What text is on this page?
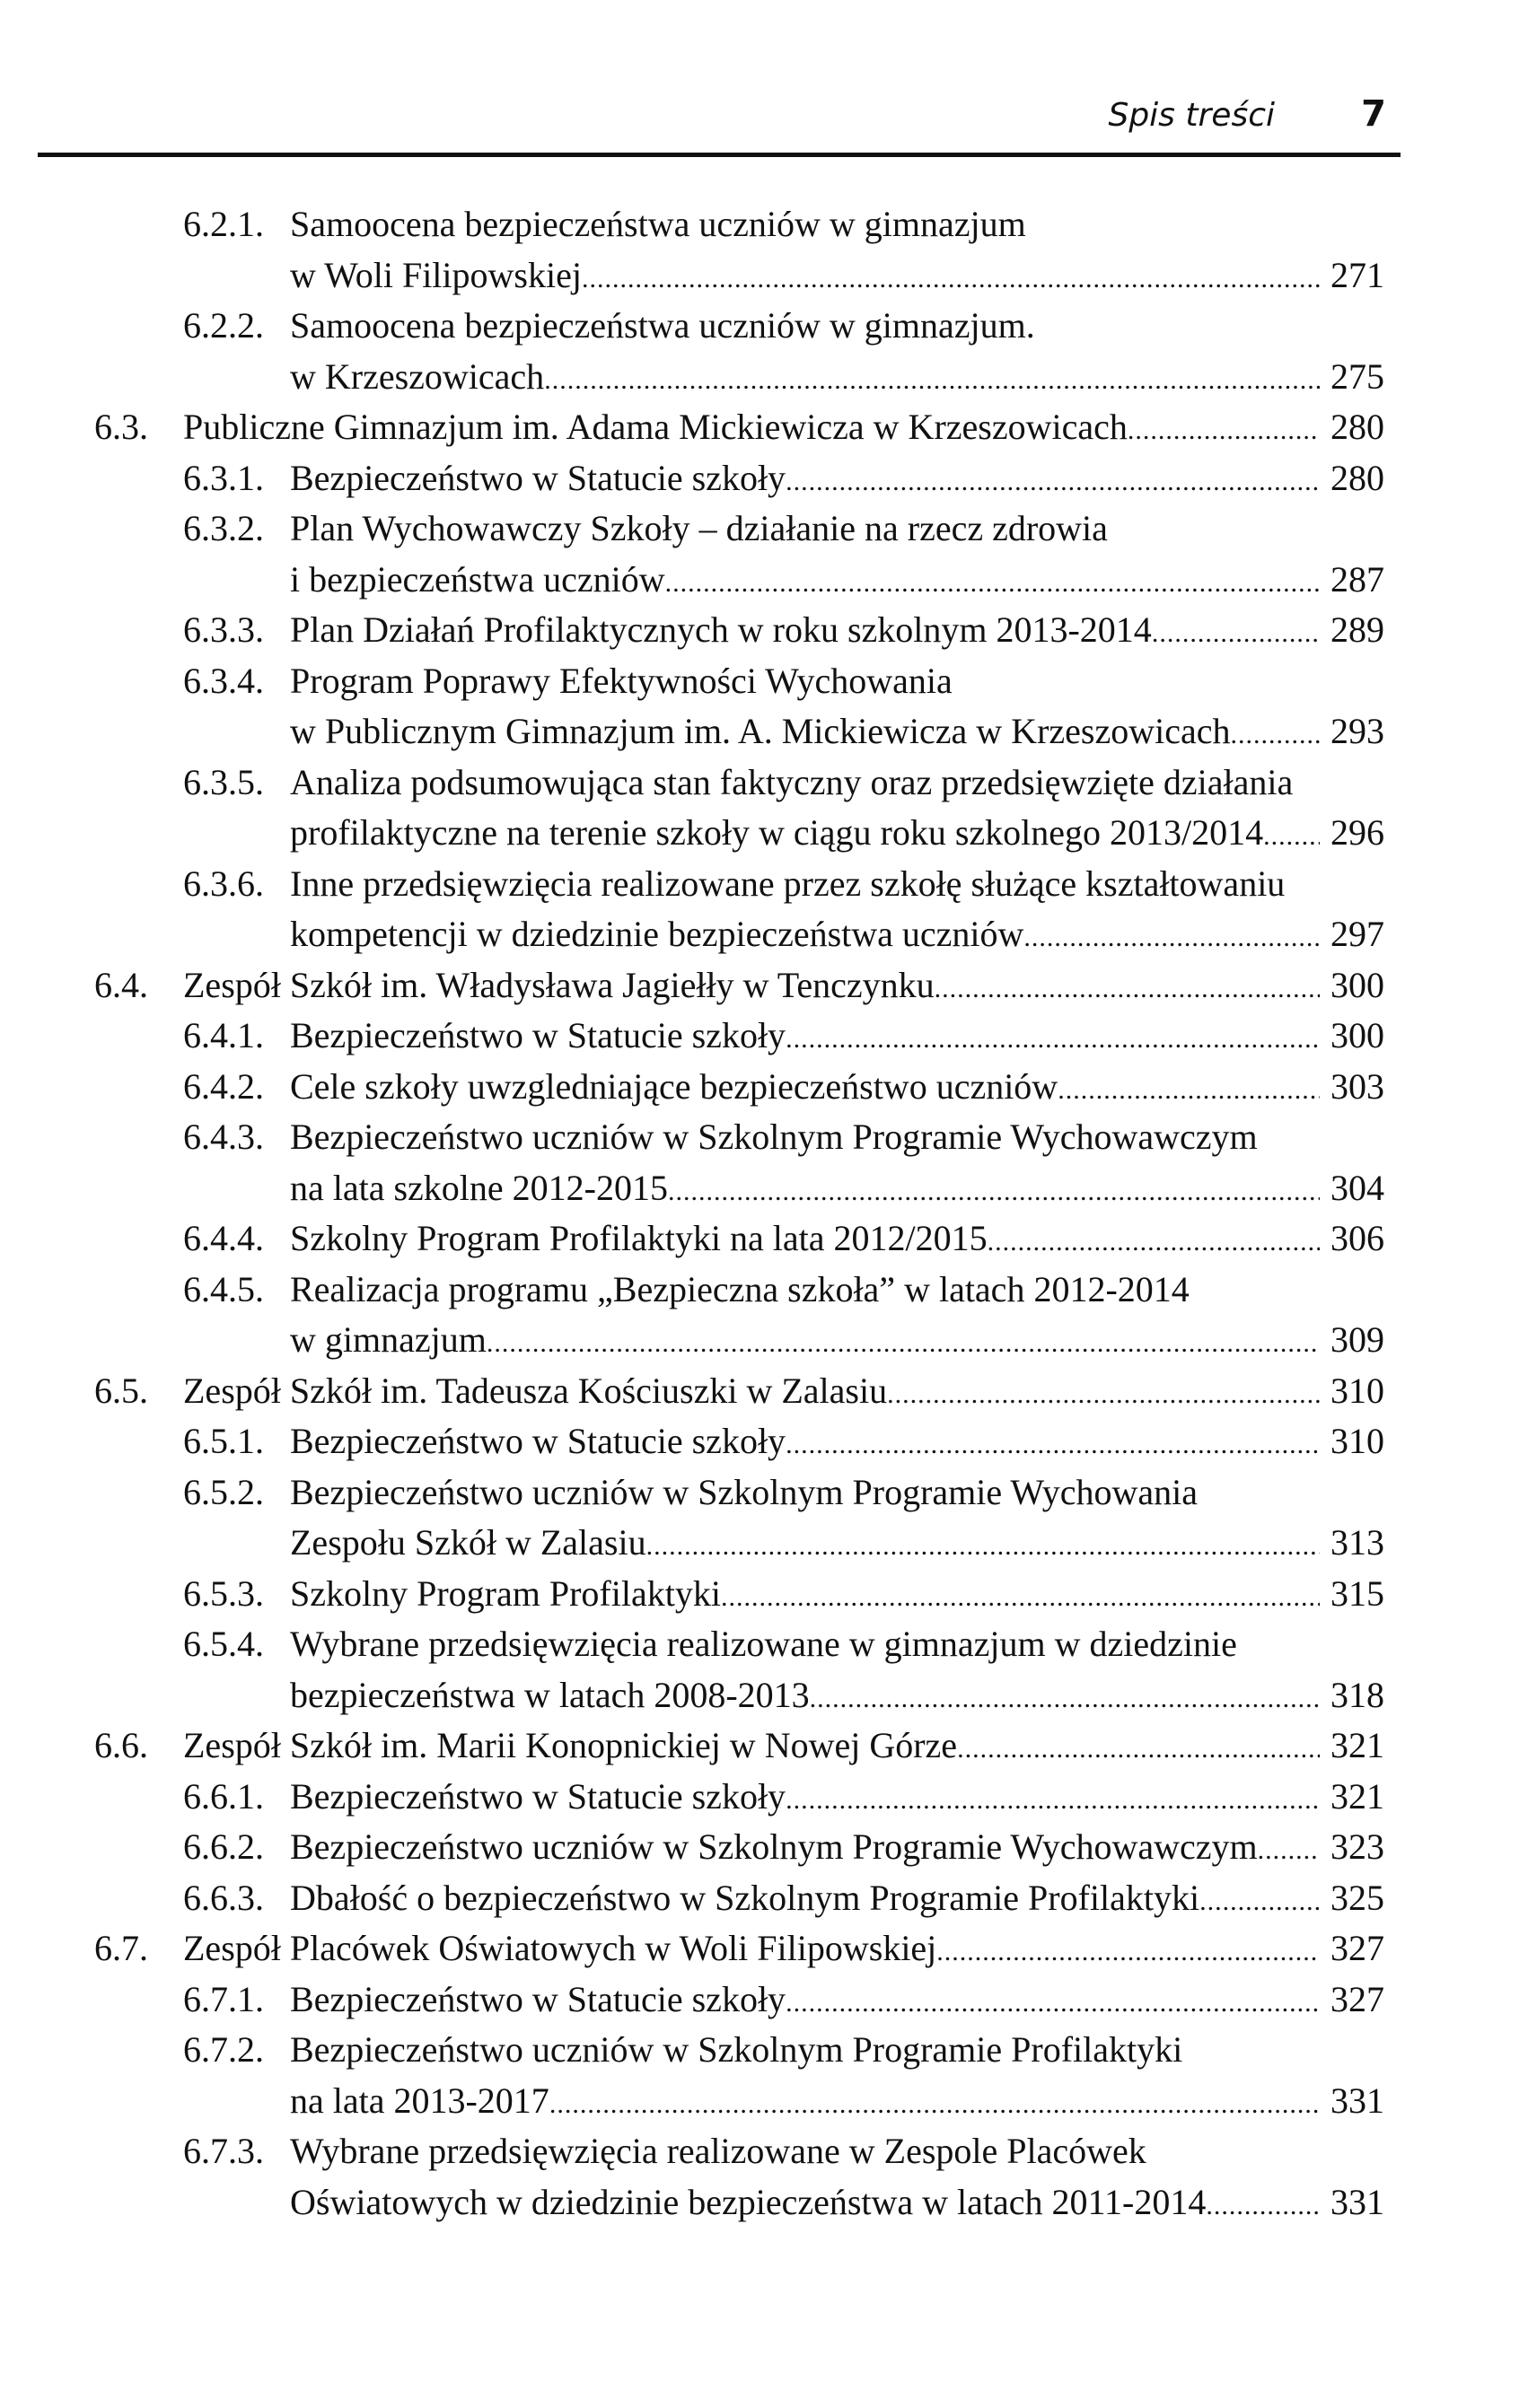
Spis treści 7
6.2.1. Samoocena bezpieczeństwa uczniów w gimnazjum
w Woli Filipowskiej .....	271
6.2.2. Samoocena bezpieczeństwa uczniów w gimnazjum.
w Krzeszowicach .....	275
6.3. Publiczne Gimnazjum im. Adama Mickiewicza w Krzeszowicach .....	280
6.3.1. Bezpieczeństwo w Statucie szkoły .....	280
6.3.2. Plan Wychowawczy Szkoły – działanie na rzecz zdrowia
i bezpieczeństwa uczniów .....	287
6.3.3. Plan Działań Profilaktycznych w roku szkolnym 2013-2014 .....	289
6.3.4. Program Poprawy Efektywności Wychowania
w Publicznym Gimnazjum im. A. Mickiewicza w Krzeszowicach .....	293
6.3.5. Analiza podsumowująca stan faktyczny oraz przedsięwzięte działania
profilaktyczne na terenie szkoły w ciągu roku szkolnego 2013/2014 .....	296
6.3.6. Inne przedsięwzięcia realizowane przez szkołę służące kształtowaniu
kompetencji w dziedzinie bezpieczeństwa uczniów .....	297
6.4. Zespół Szkół im. Władysława Jagiełły w Tenczynku .....	300
6.4.1. Bezpieczeństwo w Statucie szkoły .....	300
6.4.2. Cele szkoły uwzgledniające bezpieczeństwo uczniów .....	303
6.4.3. Bezpieczeństwo uczniów w Szkolnym Programie Wychowawczym
na lata szkolne 2012-2015 .....	304
6.4.4. Szkolny Program Profilaktyki na lata 2012/2015 .....	306
6.4.5. Realizacja programu „Bezpieczna szkoła” w latach 2012-2014
w gimnazjum .....	309
6.5. Zespół Szkół im. Tadeusza Kościuszki w Zalasiu .....	310
6.5.1. Bezpieczeństwo w Statucie szkoły .....	310
6.5.2. Bezpieczeństwo uczniów w Szkolnym Programie Wychowania
Zespołu Szkół w Zalasiu .....	313
6.5.3. Szkolny Program Profilaktyki .....	315
6.5.4. Wybrane przedsięwzięcia realizowane w gimnazjum w dziedzinie
bezpieczeństwa w latach 2008-2013 .....	318
6.6. Zespół Szkół im. Marii Konopnickiej w Nowej Górze .....	321
6.6.1. Bezpieczeństwo w Statucie szkoły .....	321
6.6.2. Bezpieczeństwo uczniów w Szkolnym Programie Wychowawczym .....	323
6.6.3. Dbałość o bezpieczeństwo w Szkolnym Programie Profilaktyki .....	325
6.7. Zespół Placówek Oświatowych w Woli Filipowskiej .....	327
6.7.1. Bezpieczeństwo w Statucie szkoły .....	327
6.7.2. Bezpieczeństwo uczniów w Szkolnym Programie Profilaktyki
na lata 2013-2017 .....	331
6.7.3. Wybrane przedsięwzięcia realizowane w Zespole Placówek
Oświatowych w dziedzinie bezpieczeństwa w latach 2011-2014 .....	331
